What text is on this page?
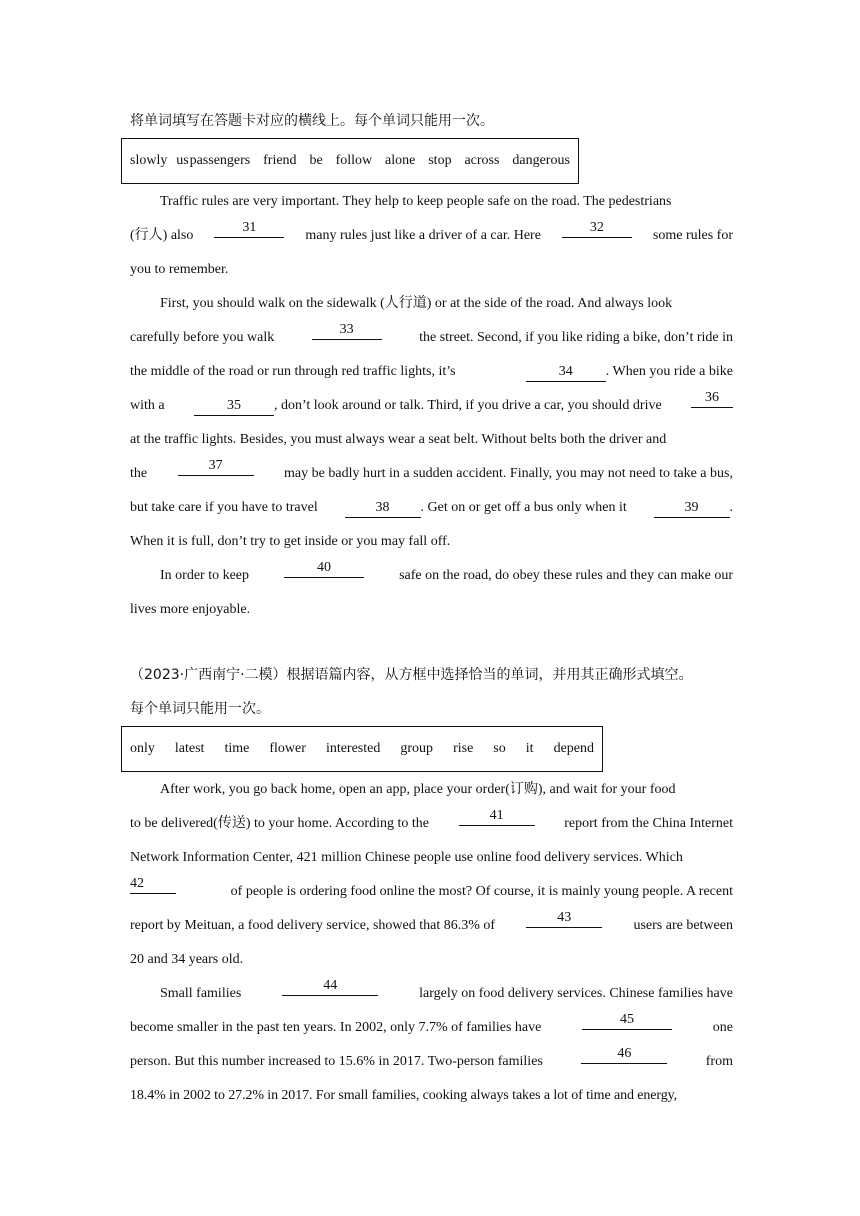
将单词填写在答题卡对应的横线上。每个单词只能用一次。
slowly us passengers friend be follow alone stop across dangerous
Traffic rules are very important. They help to keep people safe on the road. The pedestrians
(行人) also
31
many rules just like a driver of a car. Here
32
some rules for
you to remember.
First, you should walk on the sidewalk (人行道) or at the side of the road. And always look
carefully before you walk
33
the street. Second, if you like riding a bike, don’t ride in
the middle of the road or run through red traffic lights, it’s	34 . When you ride a bike
with a	35 , don’t look around or talk. Third, if you drive a car, you should drive
36
at the traffic lights. Besides, you must always wear a seat belt. Without belts both the driver and
the
37
may be badly hurt in a sudden accident. Finally, you may not need to take a bus,
but take care if you have to travel	38 . Get on or get off a bus only when it	39 .
When it is full, don’t try to get inside or you may fall off.
In order to keep
40
safe on the road, do obey these rules and they can make our
lives more enjoyable.
（2023·广西南宁·二模）根据语篇内容，从方框中选择恰当的单词，并用其正确形式填空。
每个单词只能用一次。
only latest time flower interested group rise so it depend
After work, you go back home, open an app, place your order(订购), and wait for your food
to be delivered(传送) to your home. According to the
41
report from the China Internet
Network Information Center, 421 million Chinese people use online food delivery services. Which
42
of people is ordering food online the most? Of course, it is mainly young people. A recent
report by Meituan, a food delivery service, showed that 86.3% of
43
users are between
20 and 34 years old.
Small families
44
largely on food delivery services. Chinese families have
become smaller in the past ten years. In 2002, only 7.7% of families have
45
one
person. But this number increased to 15.6% in 2017. Two-person families
46
from
18.4% in 2002 to 27.2% in 2017. For small families, cooking always takes a lot of time and energy,
